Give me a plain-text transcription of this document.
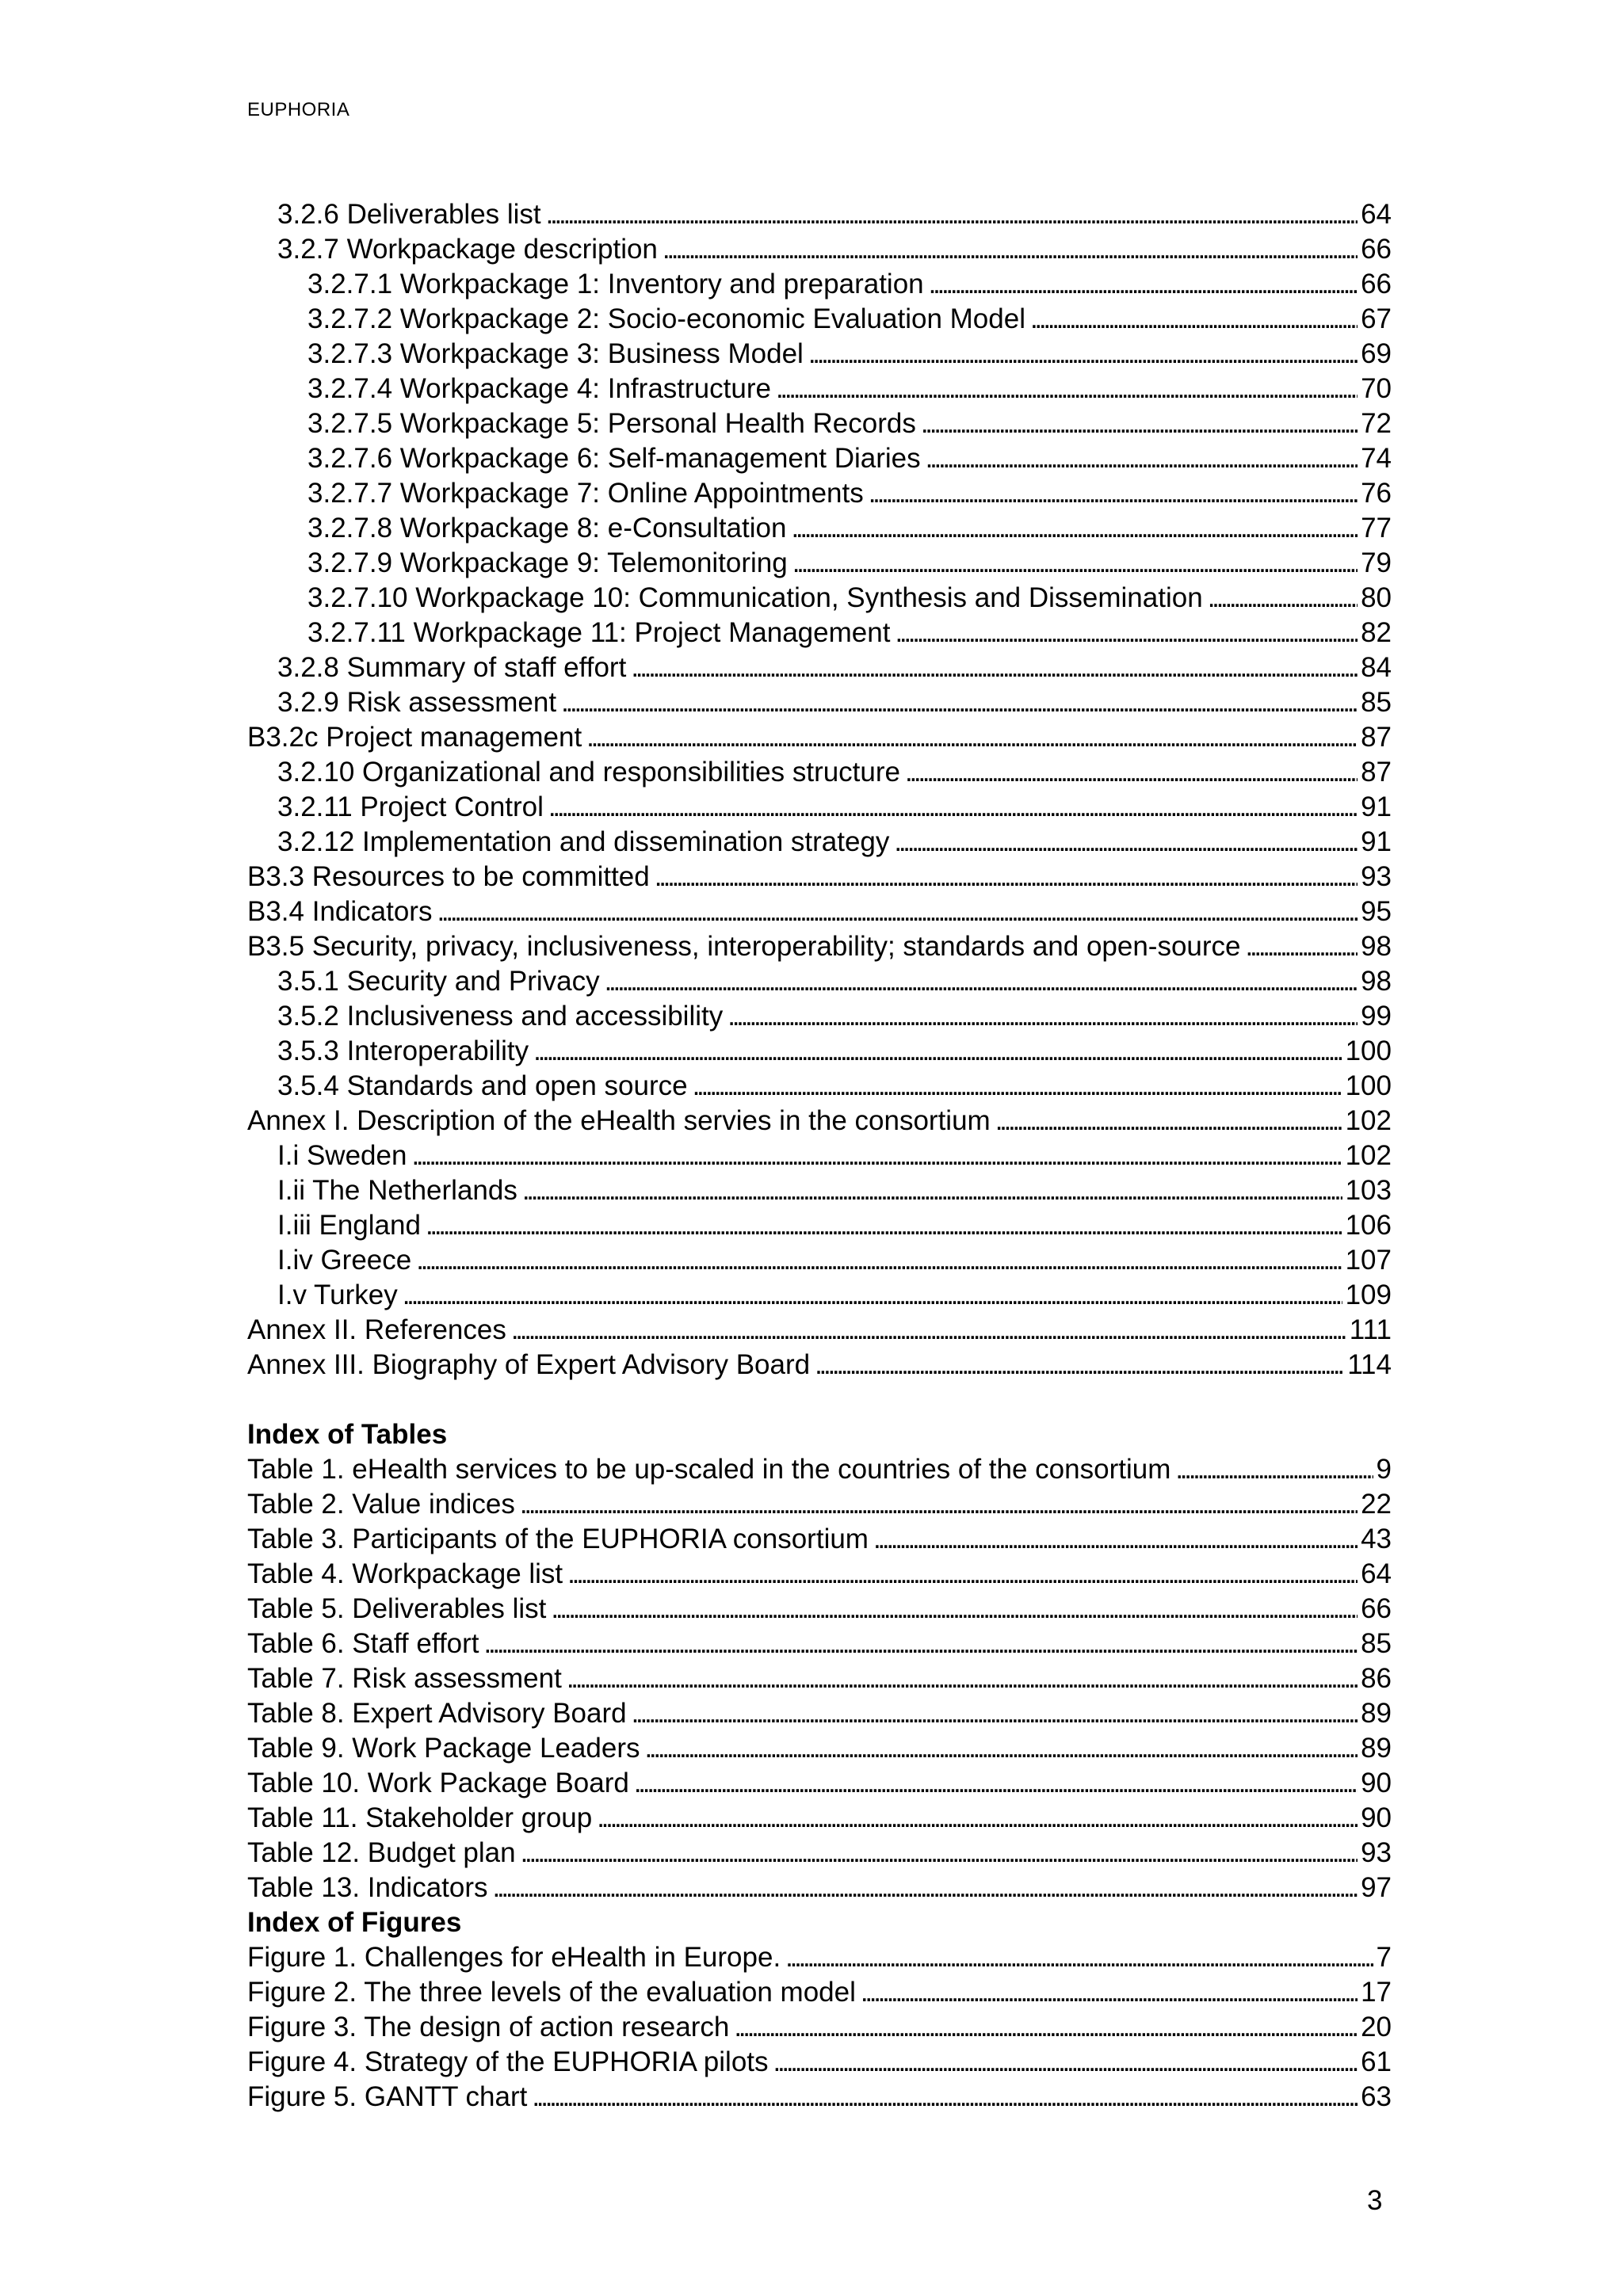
EUPHORIA
3.2.6 Deliverables list . . .	64
3.2.7 Workpackage description . . .	66
3.2.7.1 Workpackage 1: Inventory and preparation . . .	66
3.2.7.2 Workpackage 2: Socio-economic Evaluation Model . . .	67
3.2.7.3 Workpackage 3: Business Model . . .	69
3.2.7.4 Workpackage 4: Infrastructure . . .	70
3.2.7.5 Workpackage 5: Personal Health Records . . .	72
3.2.7.6 Workpackage 6: Self-management Diaries . . .	74
3.2.7.7 Workpackage 7: Online Appointments . . .	76
3.2.7.8 Workpackage 8: e-Consultation . . .	77
3.2.7.9 Workpackage 9: Telemonitoring . . .	79
3.2.7.10 Workpackage 10: Communication, Synthesis and Dissemination . . .	80
3.2.7.11 Workpackage 11: Project Management . . .	82
3.2.8 Summary of staff effort . . .	84
3.2.9 Risk assessment . . .	85
B3.2c Project management . . .	87
3.2.10 Organizational and responsibilities structure . . .	87
3.2.11 Project Control . . .	91
3.2.12 Implementation and dissemination strategy . . .	91
B3.3 Resources to be committed . . .	93
B3.4 Indicators . . .	95
B3.5 Security, privacy, inclusiveness, interoperability; standards and open-source . . .	98
3.5.1 Security and Privacy . . .	98
3.5.2 Inclusiveness and accessibility . . .	99
3.5.3 Interoperability . . .	100
3.5.4 Standards and open source . . .	100
Annex I. Description of the eHealth servies in the consortium . . .	102
I.i Sweden . . .	102
I.ii The Netherlands . . .	103
I.iii England . . .	106
I.iv Greece . . .	107
I.v Turkey . . .	109
Annex II. References . . .	111
Annex III. Biography of Expert Advisory Board . . .	114
Index of Tables
Table 1. eHealth services to be up-scaled in the countries of the consortium . . .	9
Table 2. Value indices . . .	22
Table 3. Participants of the EUPHORIA consortium . . .	43
Table 4. Workpackage list . . .	64
Table 5. Deliverables list . . .	66
Table 6. Staff effort . . .	85
Table 7. Risk assessment . . .	86
Table 8. Expert Advisory Board . . .	89
Table 9. Work Package Leaders . . .	89
Table 10. Work Package Board . . .	90
Table 11. Stakeholder group . . .	90
Table 12. Budget plan . . .	93
Table 13. Indicators . . .	97
Index of Figures
Figure 1. Challenges for eHealth in Europe. . . .	7
Figure 2. The three levels of the evaluation model . . .	17
Figure 3. The design of action research . . .	20
Figure 4. Strategy of the EUPHORIA pilots . . .	61
Figure 5. GANTT chart . . .	63
3
